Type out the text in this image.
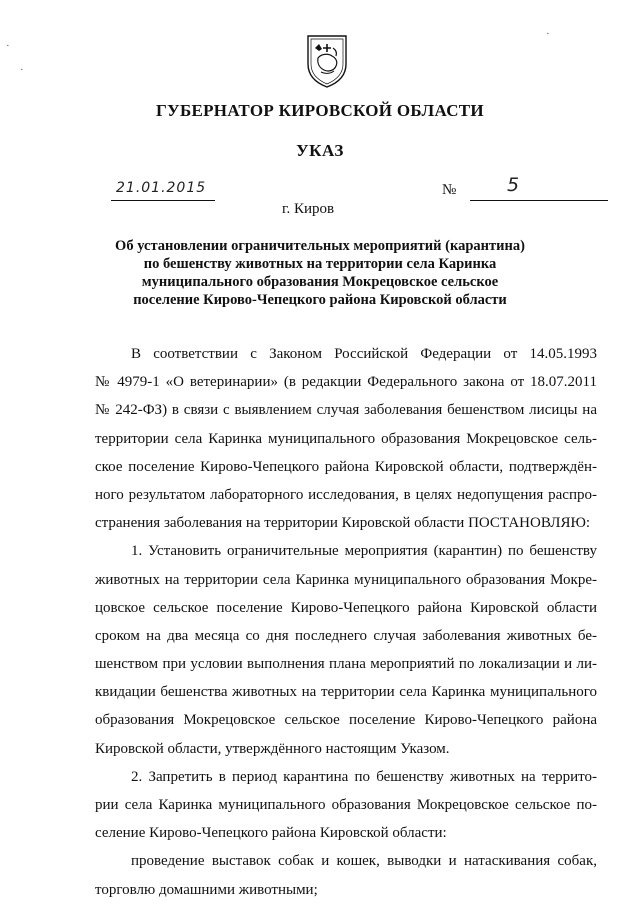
·
·
·
ГУБЕРНАТОР КИРОВСКОЙ ОБЛАСТИ
УКАЗ
21.01.2015	№	5
г. Киров
Об установлении ограничительных мероприятий (карантина)
по бешенству животных на территории села Каринка
муниципального образования Мокрецовское сельское
поселение Кирово-Чепецкого района Кировской области
В соответствии с Законом Российской Федерации от 14.05.1993
№ 4979-1 «О ветеринарии» (в редакции Федерального закона от 18.07.2011
№ 242-ФЗ) в связи с выявлением случая заболевания бешенством лисицы на
территории села Каринка муниципального образования Мокрецовское сель-
ское поселение Кирово-Чепецкого района Кировской области, подтверждён-
ного результатом лабораторного исследования, в целях недопущения распро-
странения заболевания на территории Кировской области ПОСТАНОВЛЯЮ:
1. Установить ограничительные мероприятия (карантин) по бешенству
животных на территории села Каринка муниципального образования Мокре-
цовское сельское поселение Кирово-Чепецкого района Кировской области
сроком на два месяца со дня последнего случая заболевания животных бе-
шенством при условии выполнения плана мероприятий по локализации и ли-
квидации бешенства животных на территории села Каринка муниципального
образования Мокрецовское сельское поселение Кирово-Чепецкого района
Кировской области, утверждённого настоящим Указом.
2. Запретить в период карантина по бешенству животных на террито-
рии села Каринка муниципального образования Мокрецовское сельское по-
селение Кирово-Чепецкого района Кировской области:
проведение выставок собак и кошек, выводки и натаскивания собак,
торговлю домашними животными;
